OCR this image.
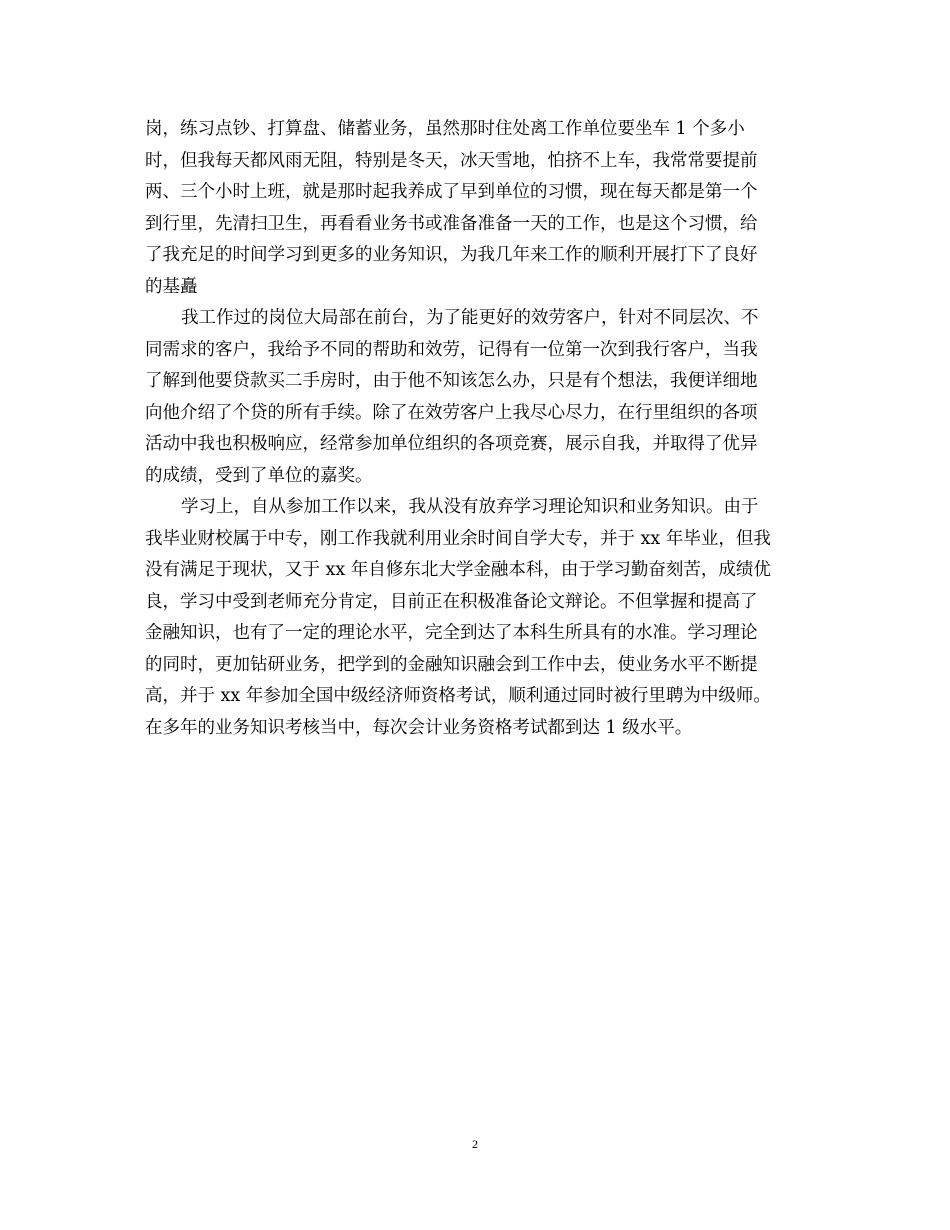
岗，练习点钞、打算盘、储蓄业务，虽然那时住处离工作单位要坐车 1 个多小
时，但我每天都风雨无阻，特别是冬天，冰天雪地，怕挤不上车，我常常要提前
两、三个小时上班，就是那时起我养成了早到单位的习惯，现在每天都是第一个
到行里，先清扫卫生，再看看业务书或准备准备一天的工作，也是这个习惯，给
了我充足的时间学习到更多的业务知识，为我几年来工作的顺利开展打下了良好
的基矗
我工作过的岗位大局部在前台，为了能更好的效劳客户，针对不同层次、不
同需求的客户，我给予不同的帮助和效劳，记得有一位第一次到我行客户，当我
了解到他要贷款买二手房时，由于他不知该怎么办，只是有个想法，我便详细地
向他介绍了个贷的所有手续。除了在效劳客户上我尽心尽力，在行里组织的各项
活动中我也积极响应，经常参加单位组织的各项竞赛，展示自我，并取得了优异
的成绩，受到了单位的嘉奖。
学习上，自从参加工作以来，我从没有放弃学习理论知识和业务知识。由于
我毕业财校属于中专，刚工作我就利用业余时间自学大专，并于 xx 年毕业，但我
没有满足于现状，又于 xx 年自修东北大学金融本科，由于学习勤奋刻苦，成绩优
良，学习中受到老师充分肯定，目前正在积极准备论文辩论。不但掌握和提高了
金融知识，也有了一定的理论水平，完全到达了本科生所具有的水准。学习理论
的同时，更加钻研业务，把学到的金融知识融会到工作中去，使业务水平不断提
高，并于 xx 年参加全国中级经济师资格考试，顺利通过同时被行里聘为中级师。
在多年的业务知识考核当中，每次会计业务资格考试都到达 1 级水平。
2
